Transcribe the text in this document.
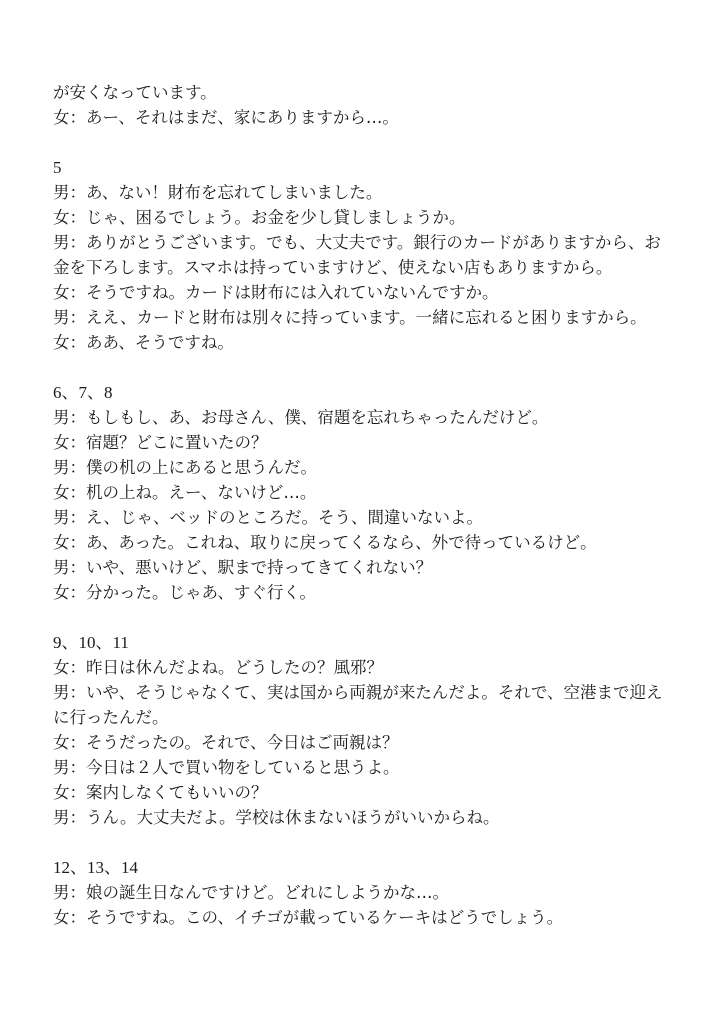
が安くなっています。
女：あー、それはまだ、家にありますから…。
5
男：あ、ない！財布を忘れてしまいました。
女：じゃ、困るでしょう。お金を少し貸しましょうか。
男：ありがとうございます。でも、大丈夫です。銀行のカードがありますから、お
金を下ろします。スマホは持っていますけど、使えない店もありますから。
女：そうですね。カードは財布には入れていないんですか。
男：ええ、カードと財布は別々に持っています。一緒に忘れると困りますから。
女：ああ、そうですね。
6、7、8
男：もしもし、あ、お母さん、僕、宿題を忘れちゃったんだけど。
女：宿題？どこに置いたの？
男：僕の机の上にあると思うんだ。
女：机の上ね。えー、ないけど…。
男：え、じゃ、ベッドのところだ。そう、間違いないよ。
女：あ、あった。これね、取りに戻ってくるなら、外で待っているけど。
男：いや、悪いけど、駅まで持ってきてくれない？
女：分かった。じゃあ、すぐ行く。
9、10、11
女：昨日は休んだよね。どうしたの？風邪？
男：いや、そうじゃなくて、実は国から両親が来たんだよ。それで、空港まで迎え
に行ったんだ。
女：そうだったの。それで、今日はご両親は？
男：今日は２人で買い物をしていると思うよ。
女：案内しなくてもいいの？
男：うん。大丈夫だよ。学校は休まないほうがいいからね。
12、13、14
男：娘の誕生日なんですけど。どれにしようかな…。
女：そうですね。この、イチゴが載っているケーキはどうでしょう。
